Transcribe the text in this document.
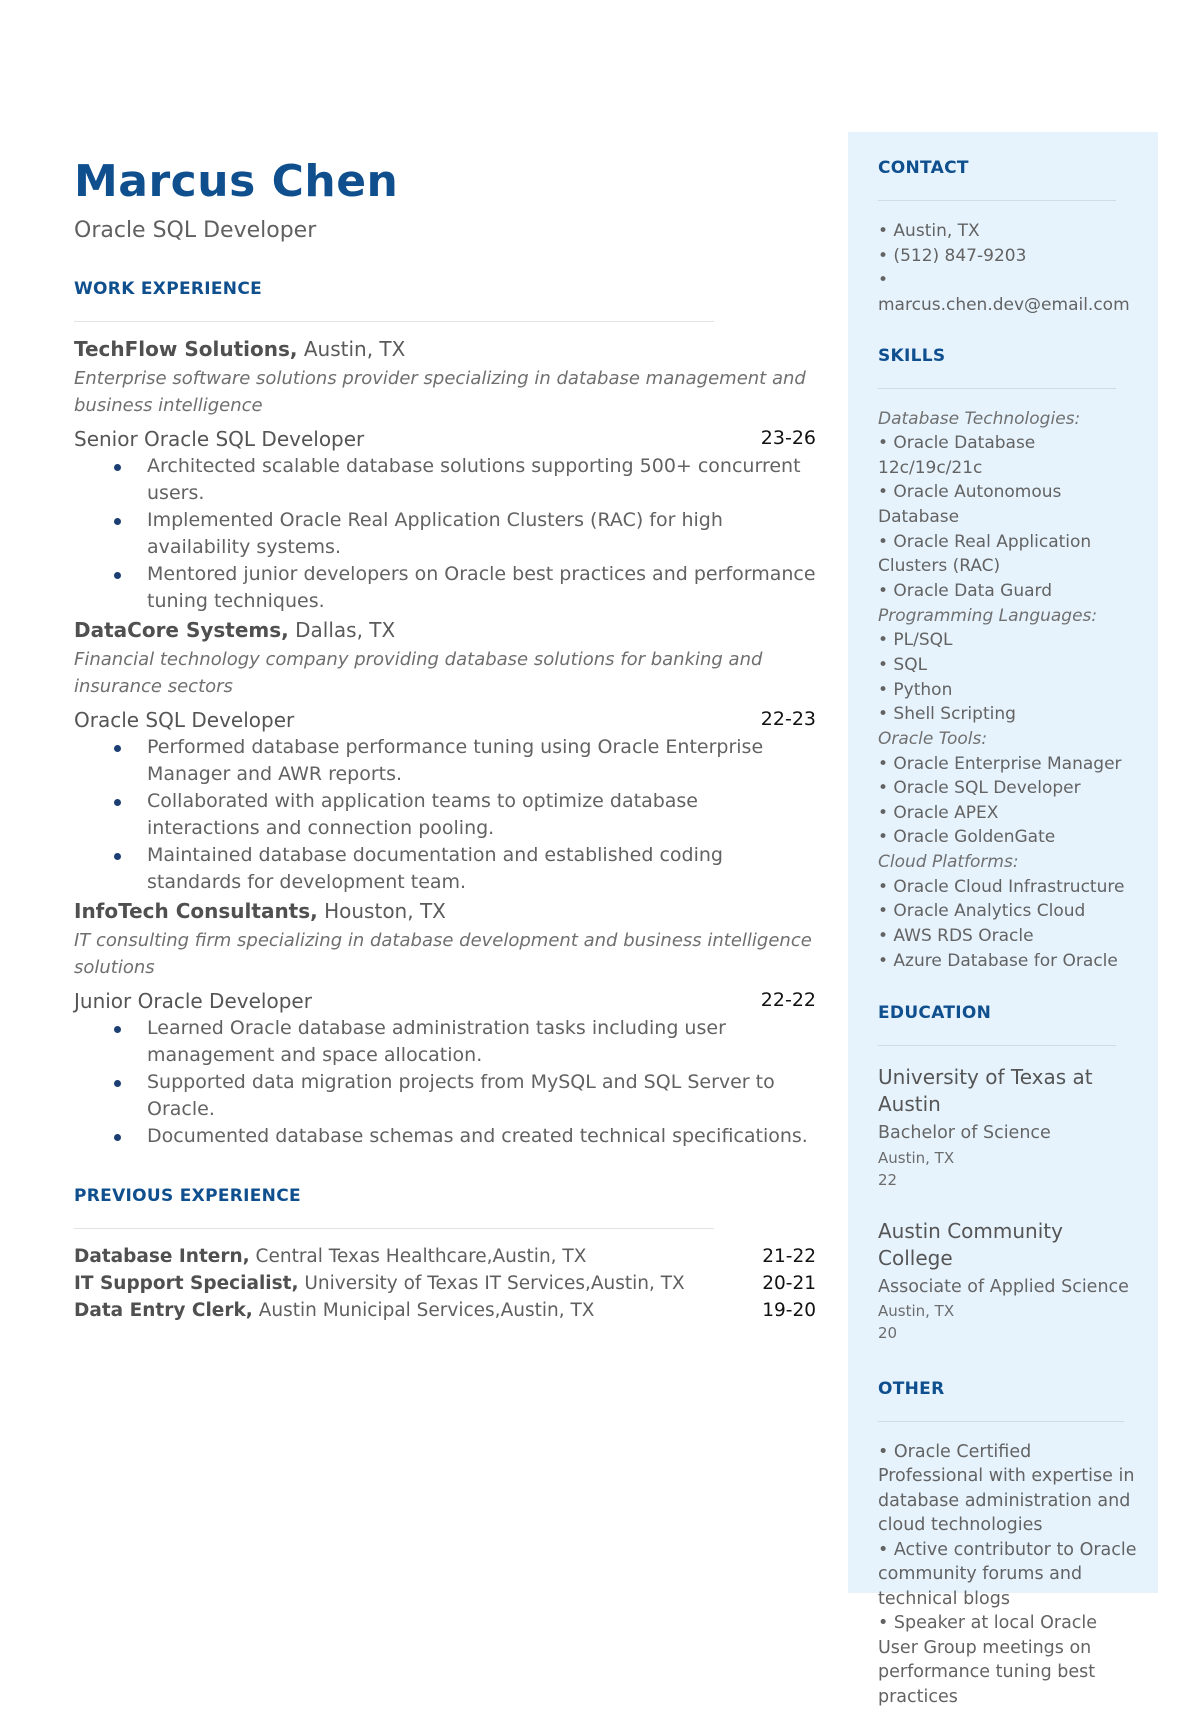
Marcus Chen
Oracle SQL Developer
WORK EXPERIENCE
TechFlow Solutions, Austin, TX
Enterprise software solutions provider specializing in database management and business intelligence
Senior Oracle SQL Developer	23-26
Architected scalable database solutions supporting 500+ concurrent users.
Implemented Oracle Real Application Clusters (RAC) for high availability systems.
Mentored junior developers on Oracle best practices and performance tuning techniques.
DataCore Systems, Dallas, TX
Financial technology company providing database solutions for banking and insurance sectors
Oracle SQL Developer	22-23
Performed database performance tuning using Oracle Enterprise Manager and AWR reports.
Collaborated with application teams to optimize database interactions and connection pooling.
Maintained database documentation and established coding standards for development team.
InfoTech Consultants, Houston, TX
IT consulting firm specializing in database development and business intelligence solutions
Junior Oracle Developer	22-22
Learned Oracle database administration tasks including user management and space allocation.
Supported data migration projects from MySQL and SQL Server to Oracle.
Documented database schemas and created technical specifications.
PREVIOUS EXPERIENCE
Database Intern, Central Texas Healthcare,Austin, TX	21-22
IT Support Specialist, University of Texas IT Services,Austin, TX	20-21
Data Entry Clerk, Austin Municipal Services,Austin, TX	19-20
CONTACT
• Austin, TX
• (512) 847-9203
• marcus.chen.dev@email.com
SKILLS
Database Technologies:
• Oracle Database 12c/19c/21c
• Oracle Autonomous Database
• Oracle Real Application Clusters (RAC)
• Oracle Data Guard
Programming Languages:
• PL/SQL
• SQL
• Python
• Shell Scripting
Oracle Tools:
• Oracle Enterprise Manager
• Oracle SQL Developer
• Oracle APEX
• Oracle GoldenGate
Cloud Platforms:
• Oracle Cloud Infrastructure
• Oracle Analytics Cloud
• AWS RDS Oracle
• Azure Database for Oracle
EDUCATION
University of Texas at Austin
Bachelor of Science
Austin, TX
22
Austin Community College
Associate of Applied Science
Austin, TX
20
OTHER
• Oracle Certified Professional with expertise in database administration and cloud technologies
• Active contributor to Oracle community forums and technical blogs
• Speaker at local Oracle User Group meetings on performance tuning best practices
